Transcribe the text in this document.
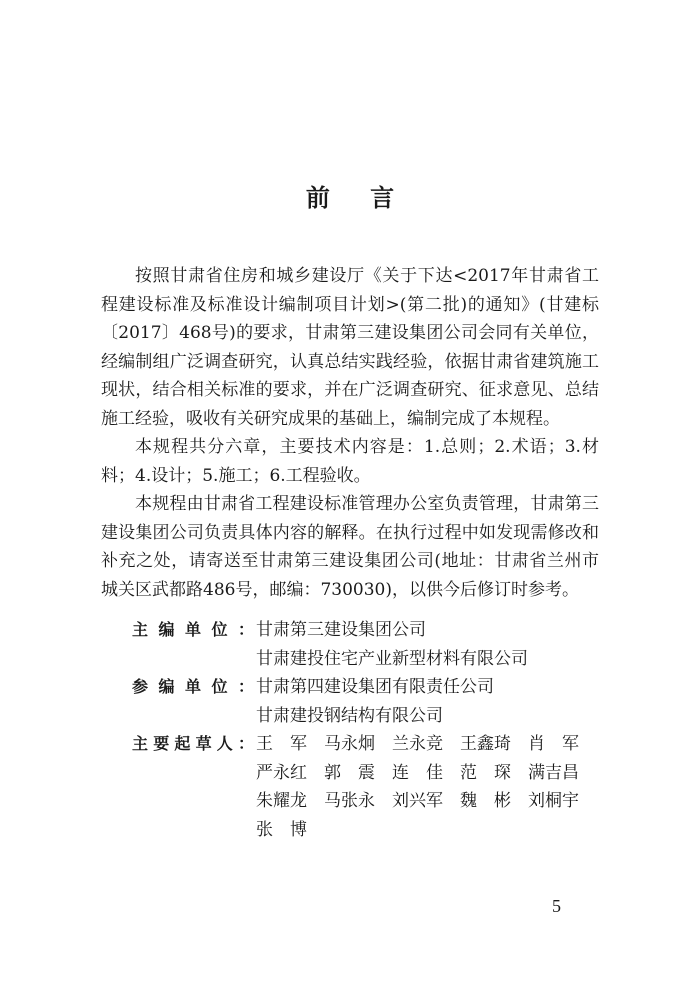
前 言

按照甘肃省住房和城乡建设厅《关于下达<2017年甘肃省工程建设标准及标准设计编制项目计划>(第二批)的通知》(甘建标〔2017〕468号)的要求，甘肃第三建设集团公司会同有关单位，经编制组广泛调查研究，认真总结实践经验，依据甘肃省建筑施工现状，结合相关标准的要求，并在广泛调查研究、征求意见、总结施工经验，吸收有关研究成果的基础上，编制完成了本规程。

本规程共分六章，主要技术内容是：1.总则；2.术语；3.材料；4.设计；5.施工；6.工程验收。

本规程由甘肃省工程建设标准管理办公室负责管理，甘肃第三建设集团公司负责具体内容的解释。在执行过程中如发现需修改和补充之处，请寄送至甘肃第三建设集团公司(地址：甘肃省兰州市城关区武都路486号，邮编：730030)，以供今后修订时参考。

主编单位： 甘肃第三建设集团公司
甘肃建投住宅产业新型材料有限公司
参编单位： 甘肃第四建设集团有限责任公司
甘肃建投钢结构有限公司
主要起草人： 王　军	马永炯	兰永竞	王鑫琦	肖　军
严永红	郭　震	连　佳	范　琛	满吉昌
朱耀龙	马张永	刘兴军	魏　彬	刘桐宇
张　博
5
